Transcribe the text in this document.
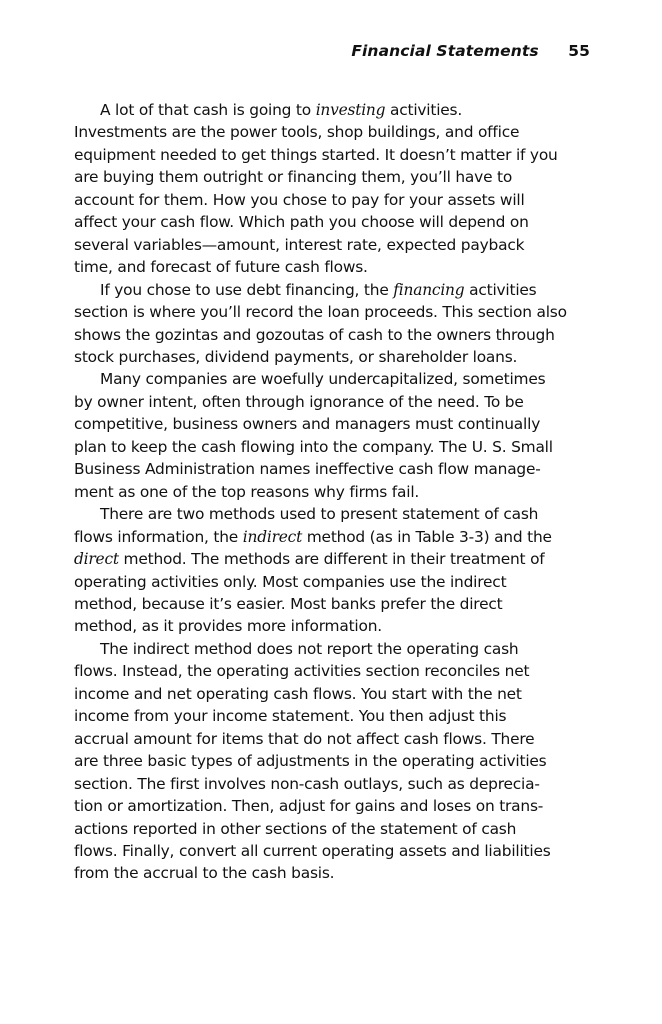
Financial Statements 55
A lot of that cash is going to investing activities.
Investments are the power tools, shop buildings, and office
equipment needed to get things started. It doesn’t matter if you
are buying them outright or financing them, you’ll have to
account for them. How you chose to pay for your assets will
affect your cash flow. Which path you choose will depend on
several variables—amount, interest rate, expected payback
time, and forecast of future cash flows.
If you chose to use debt financing, the financing activities
section is where you’ll record the loan proceeds. This section also
shows the gozintas and gozoutas of cash to the owners through
stock purchases, dividend payments, or shareholder loans.
Many companies are woefully undercapitalized, sometimes
by owner intent, often through ignorance of the need. To be
competitive, business owners and managers must continually
plan to keep the cash flowing into the company. The U. S. Small
Business Administration names ineffective cash flow manage-
ment as one of the top reasons why firms fail.
There are two methods used to present statement of cash
flows information, the indirect method (as in Table 3-3) and the
direct method. The methods are different in their treatment of
operating activities only. Most companies use the indirect
method, because it’s easier. Most banks prefer the direct
method, as it provides more information.
The indirect method does not report the operating cash
flows. Instead, the operating activities section reconciles net
income and net operating cash flows. You start with the net
income from your income statement. You then adjust this
accrual amount for items that do not affect cash flows. There
are three basic types of adjustments in the operating activities
section. The first involves non-cash outlays, such as deprecia-
tion or amortization. Then, adjust for gains and loses on trans-
actions reported in other sections of the statement of cash
flows. Finally, convert all current operating assets and liabilities
from the accrual to the cash basis.
